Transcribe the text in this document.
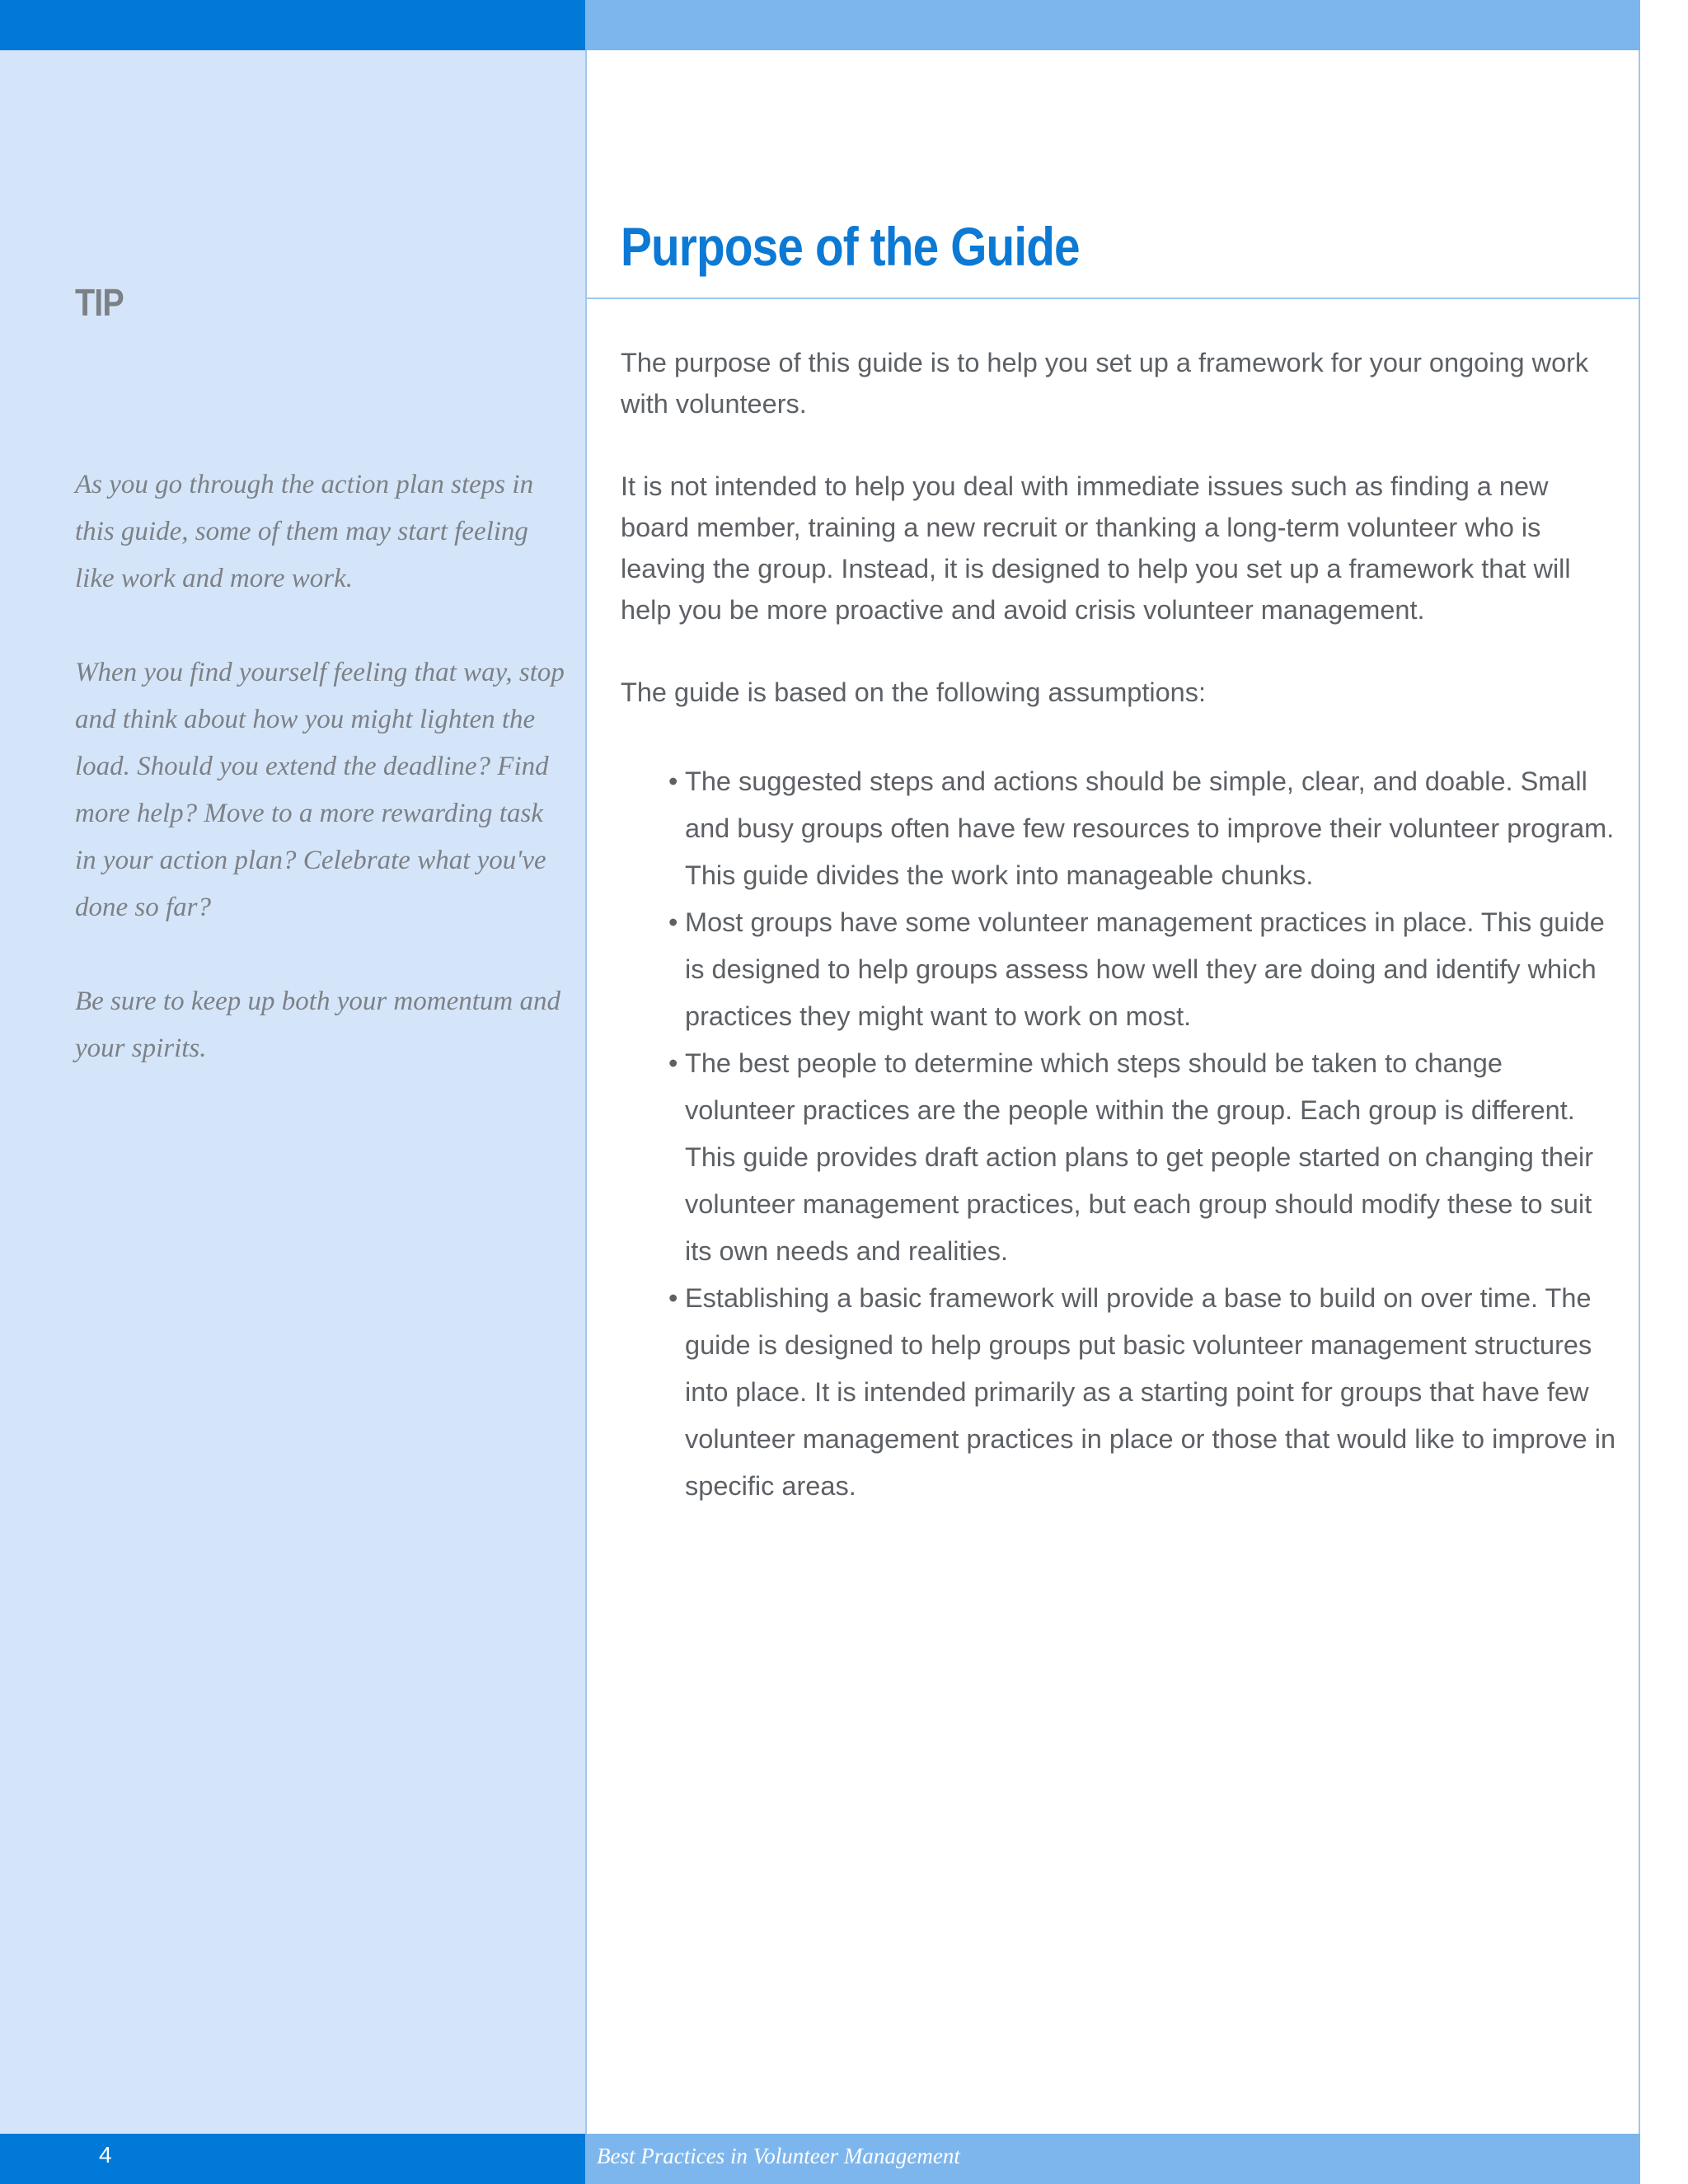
TIP

As you go through the action plan steps in this guide, some of them may start feeling like work and more work.

When you find yourself feeling that way, stop and think about how you might lighten the load. Should you extend the deadline? Find more help? Move to a more rewarding task in your action plan? Celebrate what you've done so far?

Be sure to keep up both your momentum and your spirits.

Purpose of the Guide

The purpose of this guide is to help you set up a framework for your ongoing work with volunteers.

It is not intended to help you deal with immediate issues such as finding a new board member, training a new recruit or thanking a long-term volunteer who is leaving the group. Instead, it is designed to help you set up a framework that will help you be more proactive and avoid crisis volunteer management.

The guide is based on the following assumptions:

• The suggested steps and actions should be simple, clear, and doable. Small and busy groups often have few resources to improve their volunteer program. This guide divides the work into manageable chunks.
• Most groups have some volunteer management practices in place. This guide is designed to help groups assess how well they are doing and identify which practices they might want to work on most.
• The best people to determine which steps should be taken to change volunteer practices are the people within the group. Each group is different. This guide provides draft action plans to get people started on changing their volunteer management practices, but each group should modify these to suit its own needs and realities.
• Establishing a basic framework will provide a base to build on over time. The guide is designed to help groups put basic volunteer management structures into place. It is intended primarily as a starting point for groups that have few volunteer management practices in place or those that would like to improve in specific areas.
4	Best Practices in Volunteer Management
